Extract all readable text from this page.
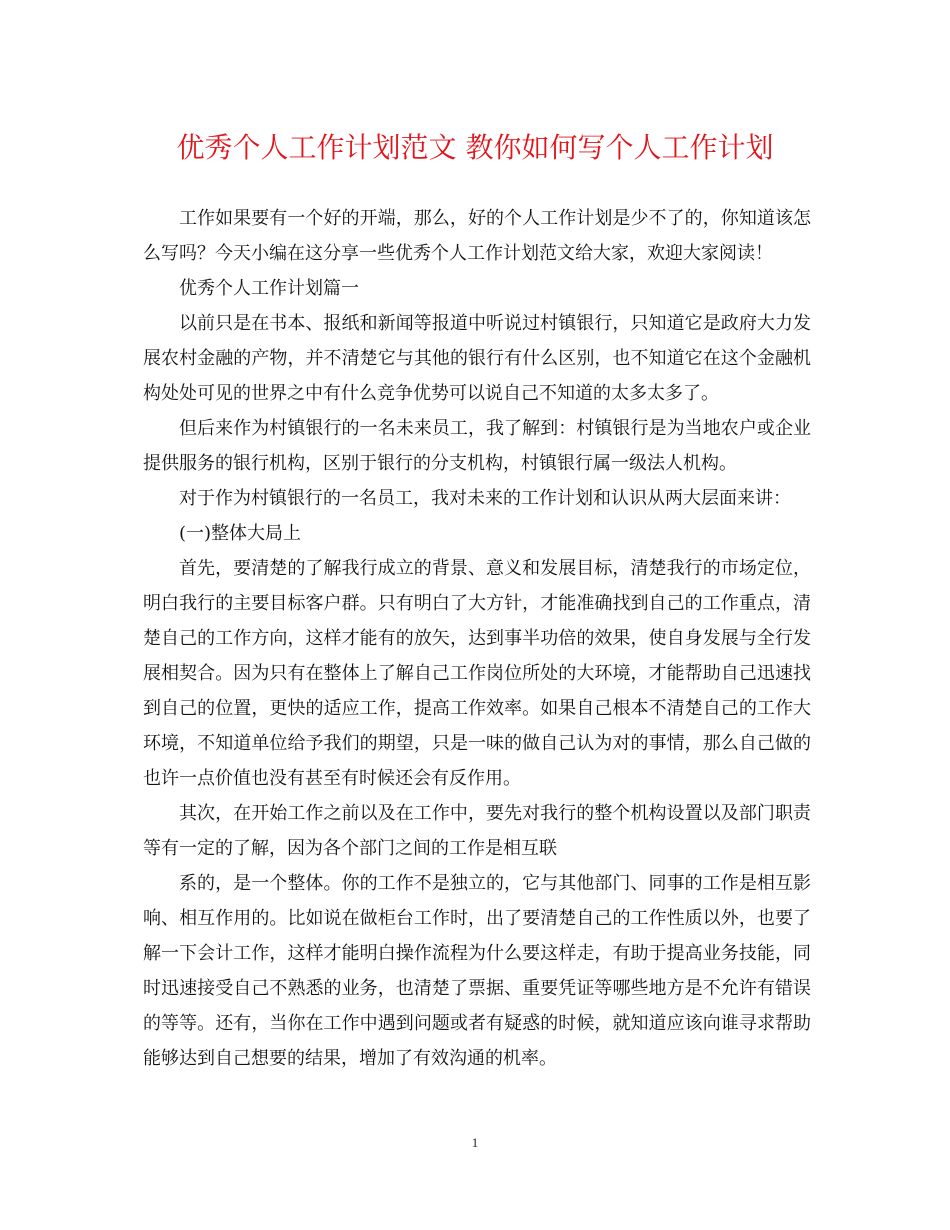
优秀个人工作计划范文 教你如何写个人工作计划

工作如果要有一个好的开端，那么，好的个人工作计划是少不了的，你知道该怎么写吗？今天小编在这分享一些优秀个人工作计划范文给大家，欢迎大家阅读！

优秀个人工作计划篇一

以前只是在书本、报纸和新闻等报道中听说过村镇银行，只知道它是政府大力发展农村金融的产物，并不清楚它与其他的银行有什么区别，也不知道它在这个金融机构处处可见的世界之中有什么竞争优势可以说自己不知道的太多太多了。

但后来作为村镇银行的一名未来员工，我了解到：村镇银行是为当地农户或企业提供服务的银行机构，区别于银行的分支机构，村镇银行属一级法人机构。

对于作为村镇银行的一名员工，我对未来的工作计划和认识从两大层面来讲：

(一)整体大局上

首先，要清楚的了解我行成立的背景、意义和发展目标，清楚我行的市场定位，明白我行的主要目标客户群。只有明白了大方针，才能准确找到自己的工作重点，清楚自己的工作方向，这样才能有的放矢，达到事半功倍的效果，使自身发展与全行发展相契合。因为只有在整体上了解自己工作岗位所处的大环境，才能帮助自己迅速找到自己的位置，更快的适应工作，提高工作效率。如果自己根本不清楚自己的工作大环境，不知道单位给予我们的期望，只是一味的做自己认为对的事情，那么自己做的也许一点价值也没有甚至有时候还会有反作用。

其次，在开始工作之前以及在工作中，要先对我行的整个机构设置以及部门职责等有一定的了解，因为各个部门之间的工作是相互联

系的，是一个整体。你的工作不是独立的，它与其他部门、同事的工作是相互影响、相互作用的。比如说在做柜台工作时，出了要清楚自己的工作性质以外，也要了解一下会计工作，这样才能明白操作流程为什么要这样走，有助于提高业务技能，同时迅速接受自己不熟悉的业务，也清楚了票据、重要凭证等哪些地方是不允许有错误的等等。还有，当你在工作中遇到问题或者有疑惑的时候，就知道应该向谁寻求帮助能够达到自己想要的结果，增加了有效沟通的机率。

1
